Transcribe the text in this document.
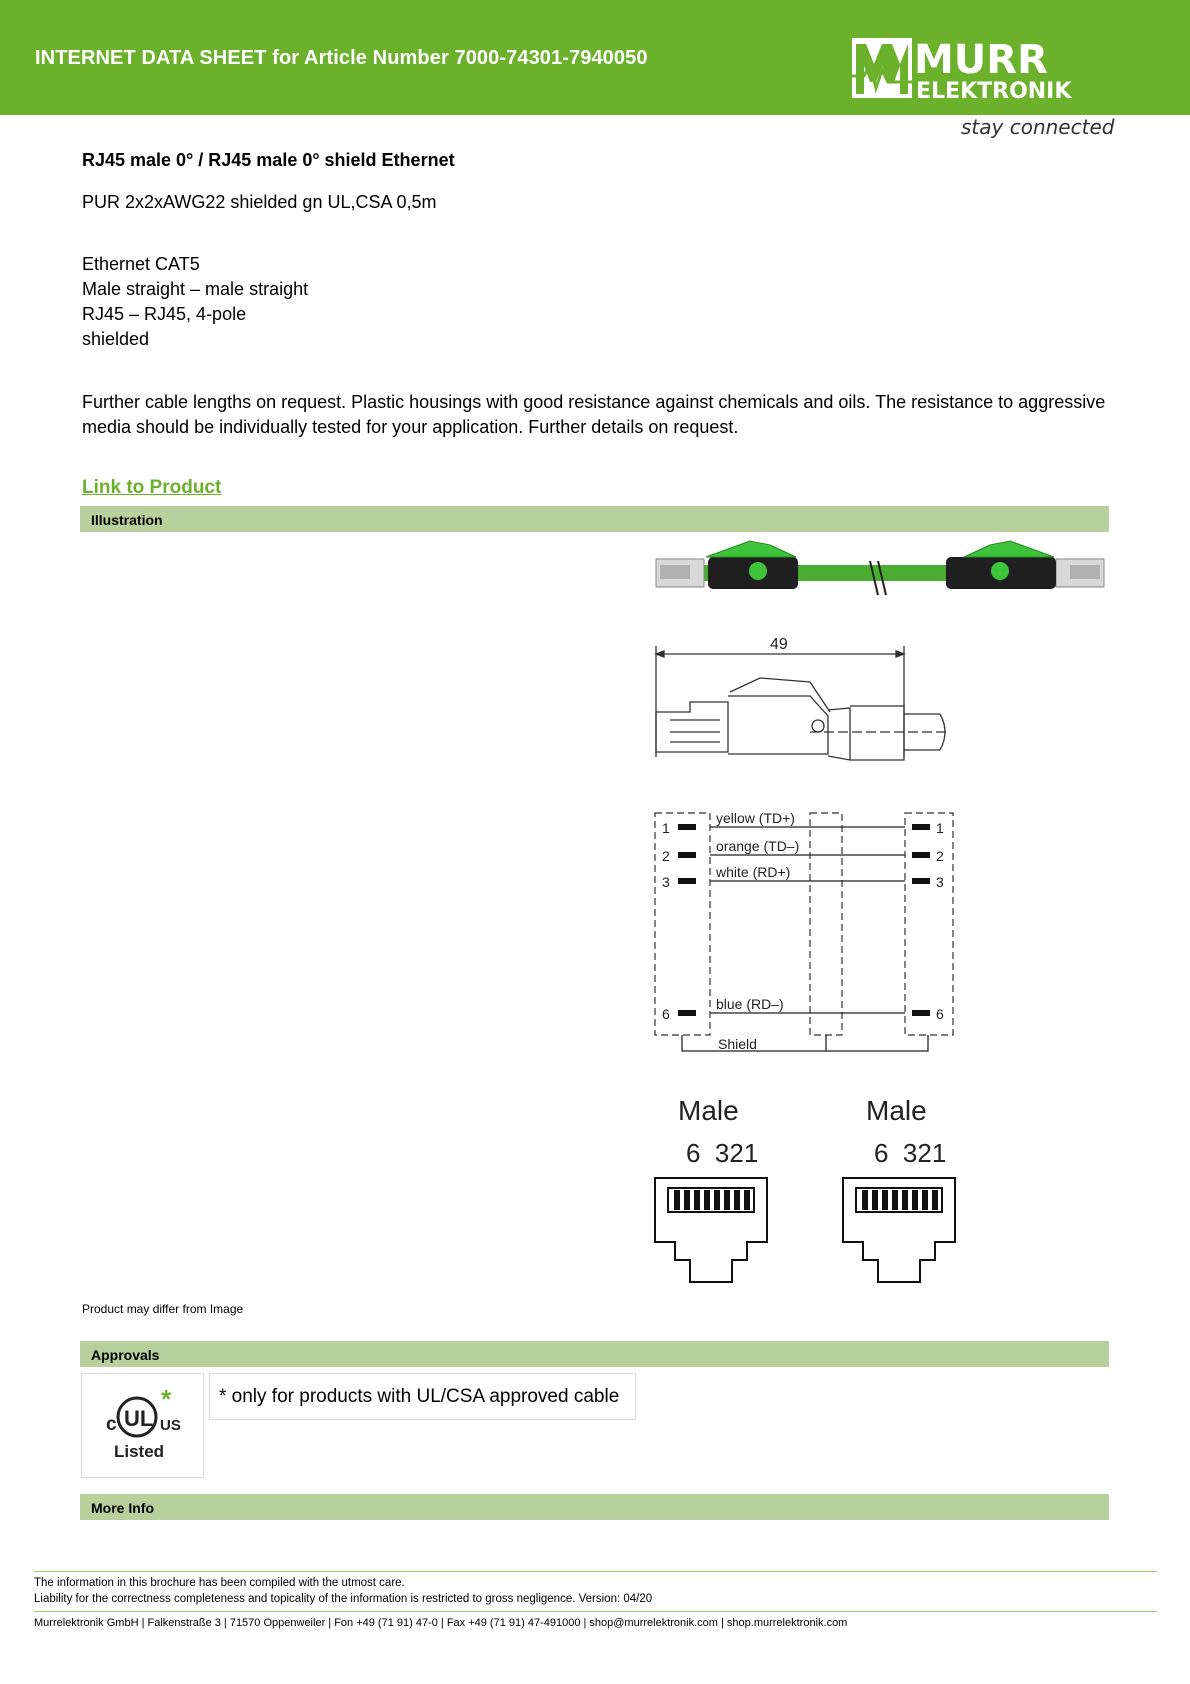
INTERNET DATA SHEET for Article Number 7000-74301-7940050	MURR
ELEKTRONIK
stay connected
RJ45 male 0° / RJ45 male 0° shield Ethernet
PUR 2x2xAWG22 shielded gn UL,CSA 0,5m
Ethernet CAT5
Male straight – male straight
RJ45 – RJ45, 4-pole
shielded
Further cable lengths on request. Plastic housings with good resistance against chemicals and oils. The resistance to aggressive media should be individually tested for your application. Further details on request.
Link to Product
Illustration
49
1
2
3
6
1
2
3
6
yellow (TD+)
orange (TD–)
white (RD+)
blue (RD–)
Shield
Male	Male
6  321	6  321
Product may differ from Image
Approvals
c UL US
Listed
*	* only for products with UL/CSA approved cable
More Info
The information in this brochure has been compiled with the utmost care.
Liability for the correctness completeness and topicality of the information is restricted to gross negligence. Version: 04/20
Murrelektronik GmbH | Falkenstraße 3 | 71570 Oppenweiler | Fon +49 (71 91) 47-0 | Fax +49 (71 91) 47-491000 | shop@murrelektronik.com | shop.murrelektronik.com
